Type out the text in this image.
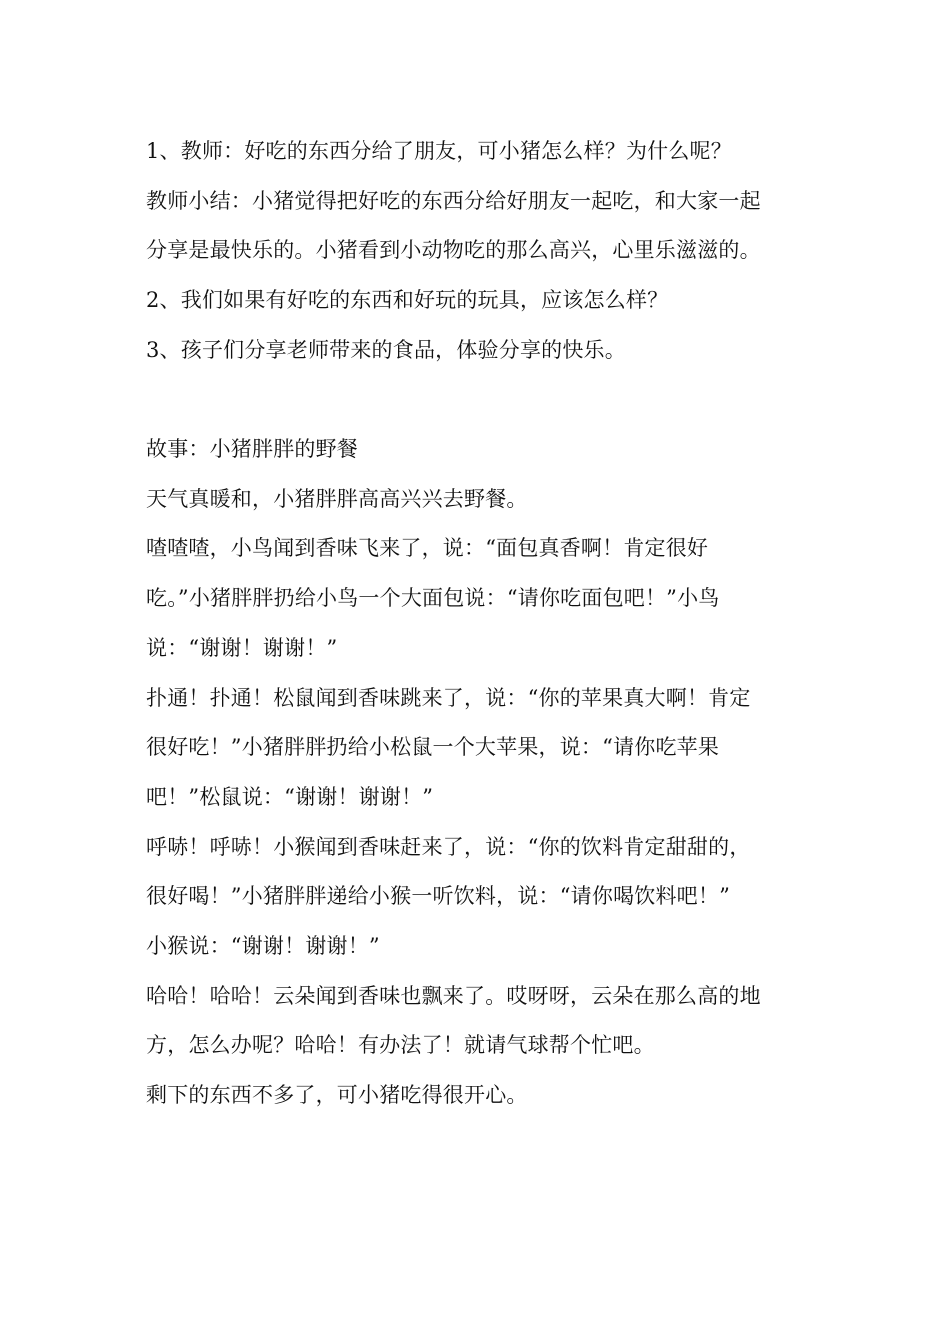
1、教师：好吃的东西分给了朋友，可小猪怎么样？为什么呢？
教师小结：小猪觉得把好吃的东西分给好朋友一起吃，和大家一起
分享是最快乐的。小猪看到小动物吃的那么高兴，心里乐滋滋的。
2、我们如果有好吃的东西和好玩的玩具，应该怎么样？
3、孩子们分享老师带来的食品，体验分享的快乐。
故事：小猪胖胖的野餐
天气真暖和，小猪胖胖高高兴兴去野餐。
喳喳喳，小鸟闻到香味飞来了，说：“面包真香啊！肯定很好
吃。”小猪胖胖扔给小鸟一个大面包说：“请你吃面包吧！”小鸟
说：“谢谢！谢谢！”
扑通！扑通！松鼠闻到香味跳来了，说：“你的苹果真大啊！肯定
很好吃！”小猪胖胖扔给小松鼠一个大苹果，说：“请你吃苹果
吧！”松鼠说：“谢谢！谢谢！”
呼哧！呼哧！小猴闻到香味赶来了，说：“你的饮料肯定甜甜的，
很好喝！”小猪胖胖递给小猴一听饮料，说：“请你喝饮料吧！”
小猴说：“谢谢！谢谢！”
哈哈！哈哈！云朵闻到香味也飘来了。哎呀呀，云朵在那么高的地
方，怎么办呢？哈哈！有办法了！就请气球帮个忙吧。
剩下的东西不多了，可小猪吃得很开心。
